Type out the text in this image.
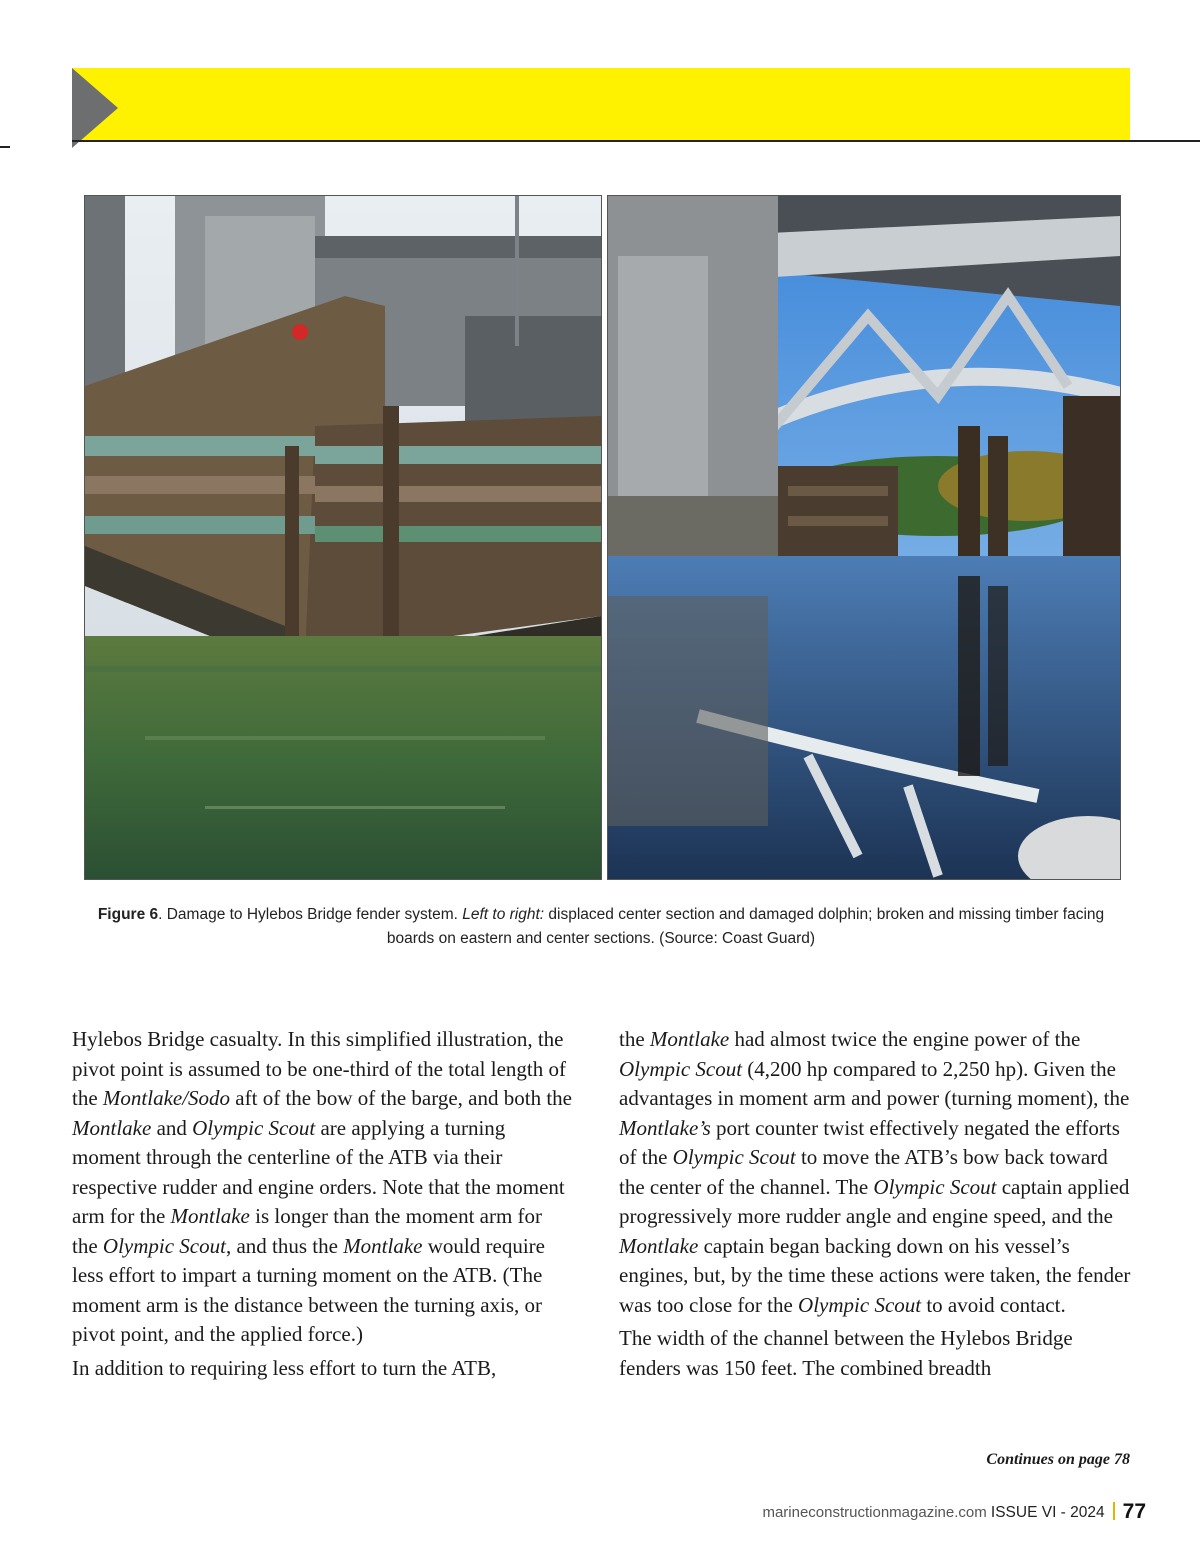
Figure 6. Damage to Hylebos Bridge fender system. Left to right: displaced center section and damaged dolphin; broken and missing timber facing boards on eastern and center sections. (Source: Coast Guard)

Hylebos Bridge casualty. In this simplified illustration, the pivot point is assumed to be one-third of the total length of the Montlake/Sodo aft of the bow of the barge, and both the Montlake and Olympic Scout are applying a turning moment through the centerline of the ATB via their respective rudder and engine orders. Note that the moment arm for the Montlake is longer than the moment arm for the Olympic Scout, and thus the Montlake would require less effort to impart a turning moment on the ATB. (The moment arm is the distance between the turning axis, or pivot point, and the applied force.)

In addition to requiring less effort to turn the ATB,

the Montlake had almost twice the engine power of the Olympic Scout (4,200 hp compared to 2,250 hp). Given the advantages in moment arm and power (turning moment), the Montlake’s port counter twist effectively negated the efforts of the Olympic Scout to move the ATB’s bow back toward the center of the channel. The Olympic Scout captain applied progressively more rudder angle and engine speed, and the Montlake captain began backing down on his vessel’s engines, but, by the time these actions were taken, the fender was too close for the Olympic Scout to avoid contact.

The width of the channel between the Hylebos Bridge fenders was 150 feet. The combined breadth

Continues on page 78
marineconstructionmagazine.com ISSUE VI - 2024 77
